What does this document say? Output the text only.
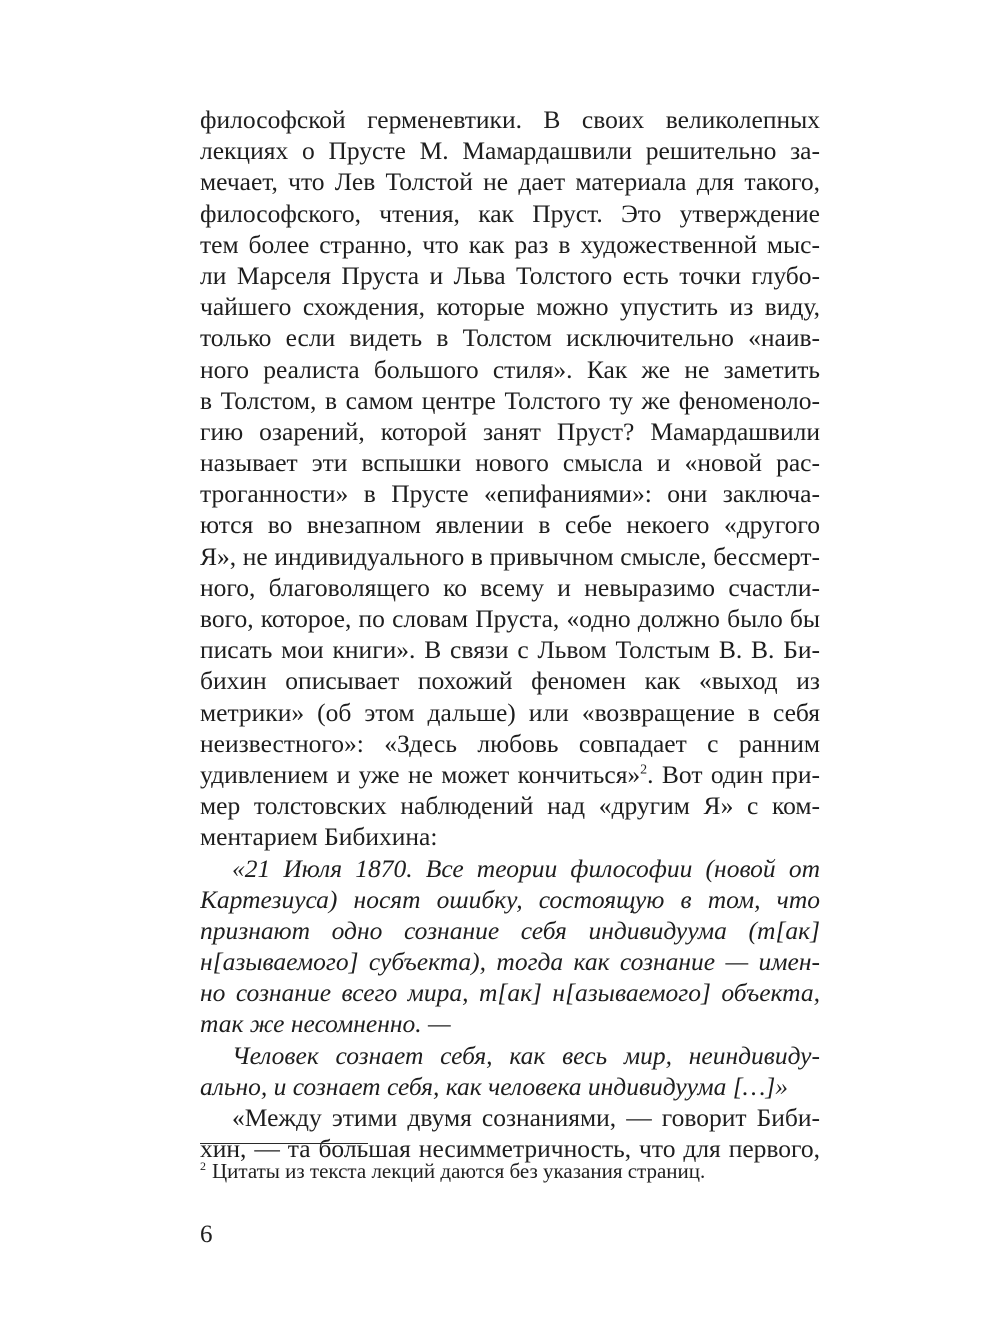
философской герменевтики. В своих великолепных
лекциях о Прусте М. Мамардашвили решительно за-
мечает, что Лев Толстой не дает материала для такого,
философского, чтения, как Пруст. Это утверждение
тем более странно, что как раз в художественной мыс-
ли Марселя Пруста и Льва Толстого есть точки глубо-
чайшего схождения, которые можно упустить из виду,
только если видеть в Толстом исключительно «наив-
ного реалиста большого стиля». Как же не заметить
в Толстом, в самом центре Толстого ту же феноменоло-
гию озарений, которой занят Пруст? Мамардашвили
называет эти вспышки нового смысла и «новой рас-
троганности» в Прусте «епифаниями»: они заключа-
ются во внезапном явлении в себе некоего «другого
Я», не индивидуального в привычном смысле, бессмерт-
ного, благоволящего ко всему и невыразимо счастли-
вого, которое, по словам Пруста, «одно должно было бы
писать мои книги». В связи с Львом Толстым В. В. Би-
бихин описывает похожий феномен как «выход из
метрики» (об этом дальше) или «возвращение в себя
неизвестного»: «Здесь любовь совпадает с ранним
удивлением и уже не может кончиться»$^2$. Вот один при-
мер толстовских наблюдений над «другим Я» с ком-
ментарием Бибихина:
«21 Июля 1870. Все теории философии (новой от
Картезиуса) носят ошибку, состоящую в том, что
признают одно сознание себя индивидуума (т[ак]
н[азываемого] субъекта), тогда как сознание — имен-
но сознание всего мира, т[ак] н[азываемого] объекта,
так же несомненно. —
Человек сознает себя, как весь мир, неиндивиду-
ально, и сознает себя, как человека индивидуума […]»
«Между этими двумя сознаниями, — говорит Биби-
хин, — та большая несимметричность, что для первого,
$^2$ Цитаты из текста лекций даются без указания страниц.
6
